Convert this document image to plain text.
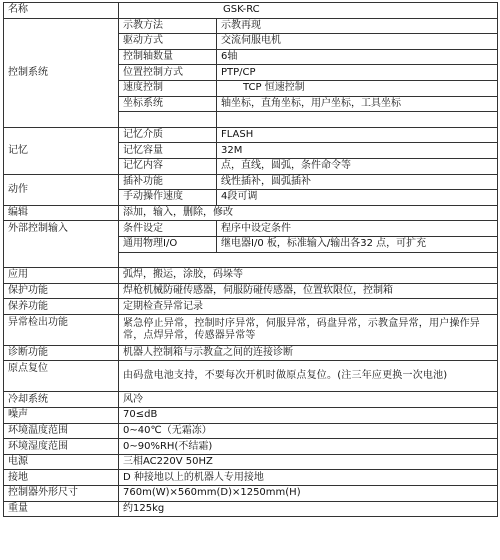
名称	GSK-RC	
控制系统	示教方法	示教再现
	驱动方式	交流伺服电机
	控制轴数量	6轴
	位置控制方式	PTP/CP
	速度控制	TCP 恒速控制
	坐标系统	轴坐标，直角坐标，用户坐标，工具坐标

记忆	记忆介质	FLASH
	记忆容量	32M
	记忆内容	点，直线，圆弧，条件命令等
动作	插补功能	线性插补，圆弧插补
	手动操作速度	4段可调
编辑	添加，输入，删除，修改	
外部控制输入	条件设定	程序中设定条件
	通用物理I/O	继电器I/0 板，标准输入/输出各32 点，可扩充

应用	弧焊，搬运，涂胶，码垛等	
保护功能	焊枪机械防碰传感器，伺服防碰传感器，位置软限位，控制箱	
保养功能	定期检查异常记录	
异常检出功能	紧急停止异常，控制时序异常，伺服异常，码盘异常，示教盒异常，用户操作异常，点焊异常，传感器异常等	
诊断功能	机器人控制箱与示教盒之间的连接诊断	
原点复位	由码盘电池支持，不要每次开机时做原点复位。(注三年应更换一次电池)	
冷却系统	风冷	
噪声	70≤dB	
环境温度范围	0~40℃（无霜冻）	
环境湿度范围	0~90%RH(不结霜)	
电源	三相AC220V 50HZ	
接地	D 种接地以上的机器人专用接地	
控制器外形尺寸	760m(W)×560mm(D)×1250mm(H)	
重量	约125kg	
